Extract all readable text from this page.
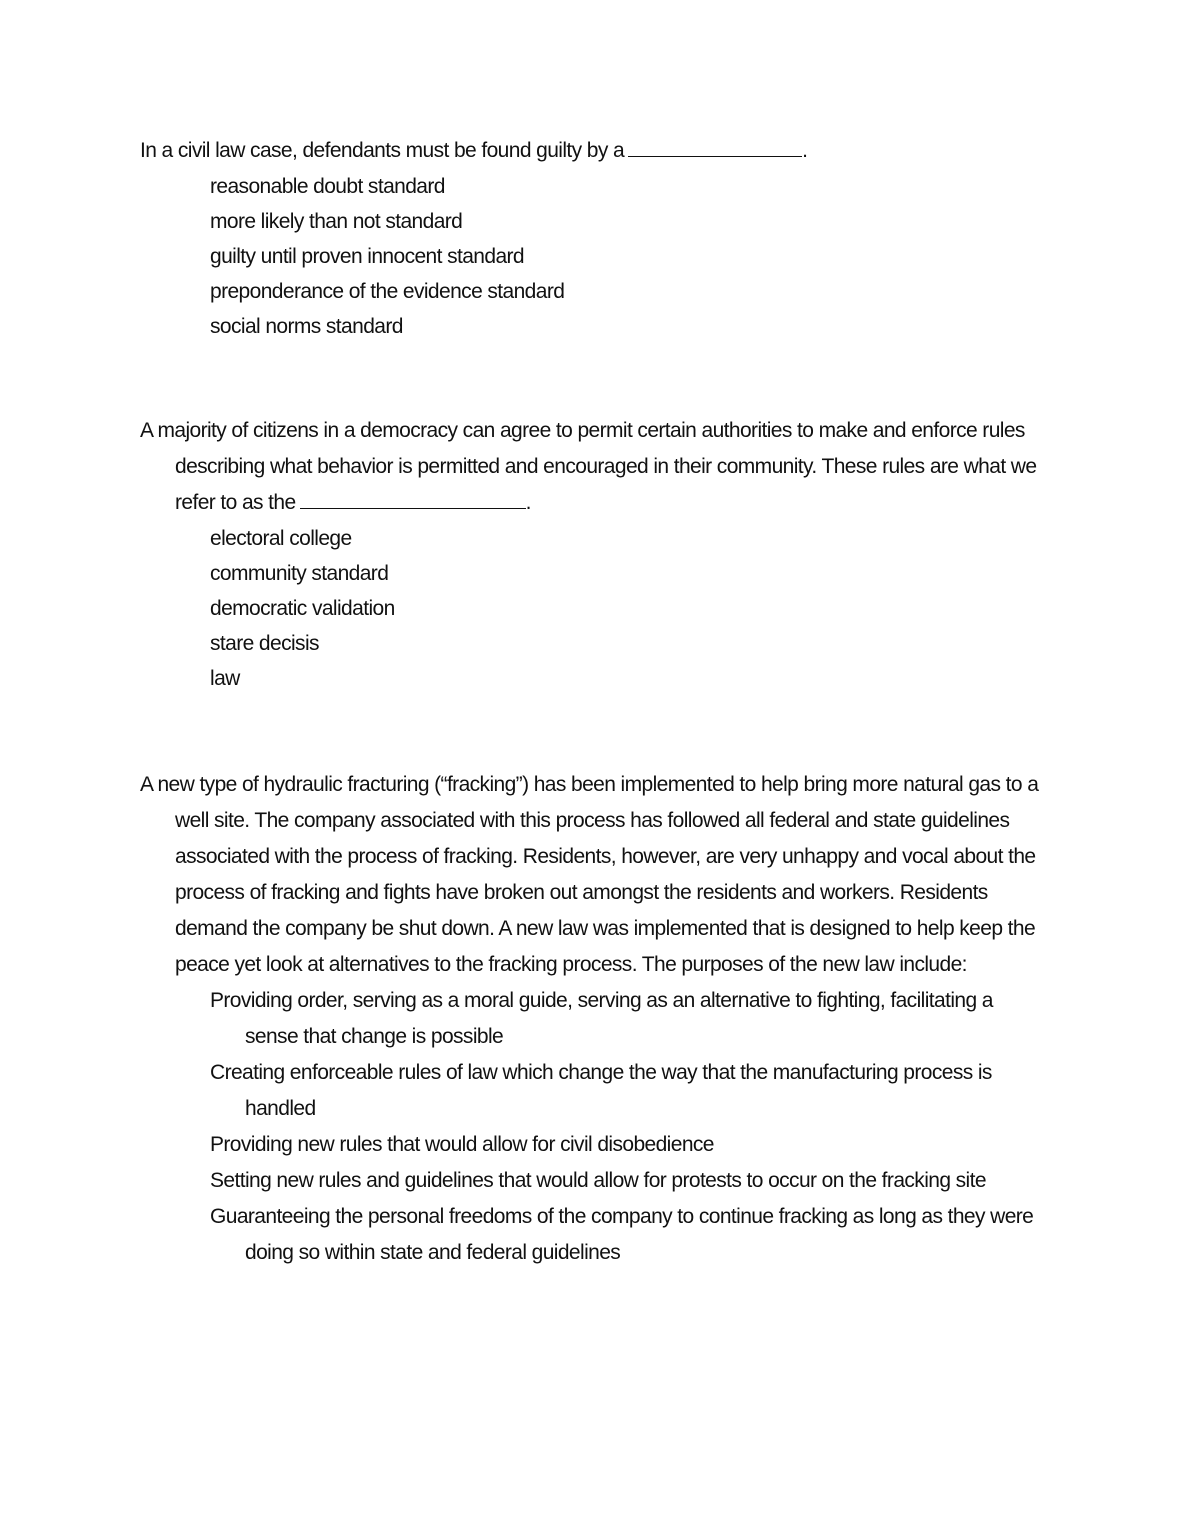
In a civil law case, defendants must be found guilty by a	.

reasonable doubt standard
more likely than not standard
guilty until proven innocent standard
preponderance of the evidence standard
social norms standard

A majority of citizens in a democracy can agree to permit certain authorities to make and enforce rules describing what behavior is permitted and encouraged in their community. These rules are what we refer to as the	.

electoral college
community standard
democratic validation
stare decisis
law

A new type of hydraulic fracturing (“fracking”) has been implemented to help bring more natural gas to a well site. The company associated with this process has followed all federal and state guidelines associated with the process of fracking. Residents, however, are very unhappy and vocal about the process of fracking and fights have broken out amongst the residents and workers. Residents demand the company be shut down. A new law was implemented that is designed to help keep the peace yet look at alternatives to the fracking process. The purposes of the new law include:

Providing order, serving as a moral guide, serving as an alternative to fighting, facilitating a sense that change is possible
Creating enforceable rules of law which change the way that the manufacturing process is handled
Providing new rules that would allow for civil disobedience
Setting new rules and guidelines that would allow for protests to occur on the fracking site
Guaranteeing the personal freedoms of the company to continue fracking as long as they were doing so within state and federal guidelines
